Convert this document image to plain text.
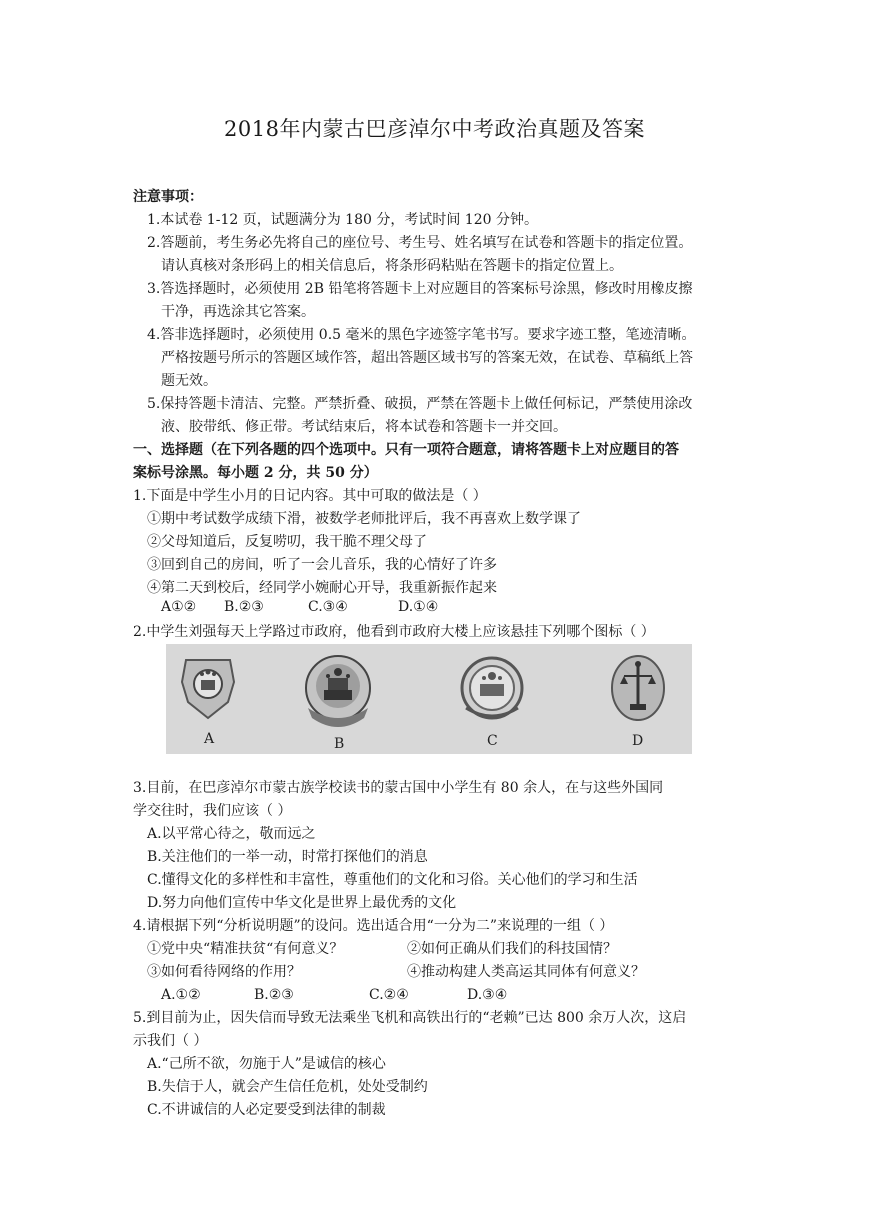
2018年内蒙古巴彦淖尔中考政治真题及答案
注意事项：
1.本试卷 1-12 页，试题满分为 180 分，考试时间 120 分钟。
2.答题前，考生务必先将自己的座位号、考生号、姓名填写在试卷和答题卡的指定位置。
请认真核对条形码上的相关信息后，将条形码粘贴在答题卡的指定位置上。
3.答选择题时，必须使用 2B 铅笔将答题卡上对应题目的答案标号涂黑，修改时用橡皮擦
干净，再选涂其它答案。
4.答非选择题时，必须使用 0.5 毫米的黑色字迹签字笔书写。要求字迹工整，笔迹清晰。
严格按题号所示的答题区域作答，超出答题区域书写的答案无效，在试卷、草稿纸上答
题无效。
5.保持答题卡清洁、完整。严禁折叠、破损，严禁在答题卡上做任何标记，严禁使用涂改
液、胶带纸、修正带。考试结束后，将本试卷和答题卡一并交回。
一、选择题（在下列各题的四个选项中。只有一项符合题意，请将答题卡上对应题目的答
案标号涂黑。每小题 2 分，共 50 分）
1.下面是中学生小月的日记内容。其中可取的做法是（ ）
①期中考试数学成绩下滑，被数学老师批评后，我不再喜欢上数学课了
②父母知道后，反复唠叨，我干脆不理父母了
③回到自己的房间，听了一会儿音乐，我的心情好了许多
④第二天到校后，经同学小婉耐心开导，我重新振作起来
A①② B.②③	C.③④	D.①④
2.中学生刘强每天上学路过市政府，他看到市政府大楼上应该悬挂下列哪个图标（ ）
A	B	C	D
3.目前，在巴彦淖尔市蒙古族学校读书的蒙古国中小学生有 80 余人，在与这些外国同
学交往时，我们应该（ ）
A.以平常心待之，敬而远之
B.关注他们的一举一动，时常打探他们的消息
C.懂得文化的多样性和丰富性，尊重他们的文化和习俗。关心他们的学习和生活
D.努力向他们宣传中华文化是世界上最优秀的文化
4.请根据下列“分析说明题”的设问。选出适合用“一分为二”来说理的一组（ ）
①党中央“精准扶贫“有何意义？	②如何正确从们我们的科技国情？
③如何看待网络的作用？	④推动构建人类高运其同体有何意义？
A.①②	B.②③	C.②④	D.③④
5.到目前为止，因失信而导致无法乘坐飞机和高铁出行的“老赖”已达 800 余万人次，这启
示我们（ ）
A.“己所不欲，勿施于人”是诚信的核心
B.失信于人，就会产生信任危机，处处受制约
C.不讲诚信的人必定要受到法律的制裁
